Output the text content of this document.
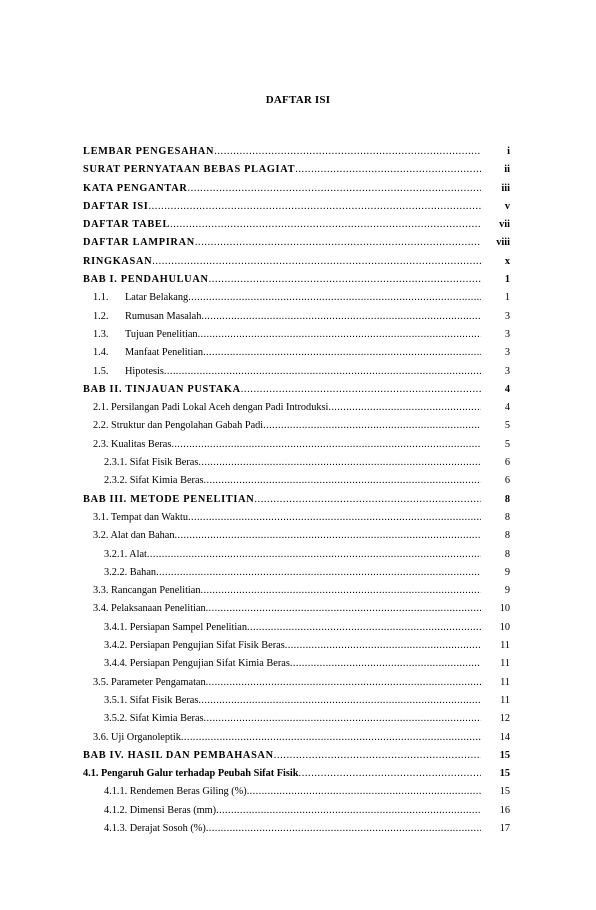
DAFTAR ISI
LEMBAR PENGESAHAN .....	i
SURAT PERNYATAAN BEBAS PLAGIAT .....	ii
KATA PENGANTAR .....	iii
DAFTAR ISI .....	v
DAFTAR TABEL .....	vii
DAFTAR LAMPIRAN .....	viii
RINGKASAN .....	x
BAB I. PENDAHULUAN .....	1
1.1. Latar Belakang .....	1
1.2. Rumusan Masalah .....	3
1.3. Tujuan Penelitian .....	3
1.4. Manfaat Penelitian .....	3
1.5. Hipotesis .....	3
BAB II. TINJAUAN PUSTAKA .....	4
2.1. Persilangan Padi Lokal Aceh dengan Padi Introduksi .....	4
2.2. Struktur dan Pengolahan Gabah Padi .....	5
2.3. Kualitas Beras .....	5
2.3.1. Sifat Fisik Beras .....	6
2.3.2. Sifat Kimia Beras .....	6
BAB III. METODE PENELITIAN .....	8
3.1. Tempat dan Waktu .....	8
3.2. Alat dan Bahan .....	8
3.2.1. Alat .....	8
3.2.2. Bahan .....	9
3.3. Rancangan Penelitian .....	9
3.4. Pelaksanaan Penelitian .....	10
3.4.1. Persiapan Sampel Penelitian .....	10
3.4.2. Persiapan Pengujian Sifat Fisik Beras .....	11
3.4.4. Persiapan Pengujian Sifat Kimia Beras .....	11
3.5. Parameter Pengamatan .....	11
3.5.1. Sifat Fisik Beras .....	11
3.5.2. Sifat Kimia Beras .....	12
3.6. Uji Organoleptik .....	14
BAB IV. HASIL DAN PEMBAHASAN .....	15
4.1. Pengaruh Galur terhadap Peubah Sifat Fisik .....	15
4.1.1. Rendemen Beras Giling (%) .....	15
4.1.2. Dimensi Beras (mm) .....	16
4.1.3. Derajat Sosoh (%) .....	17
